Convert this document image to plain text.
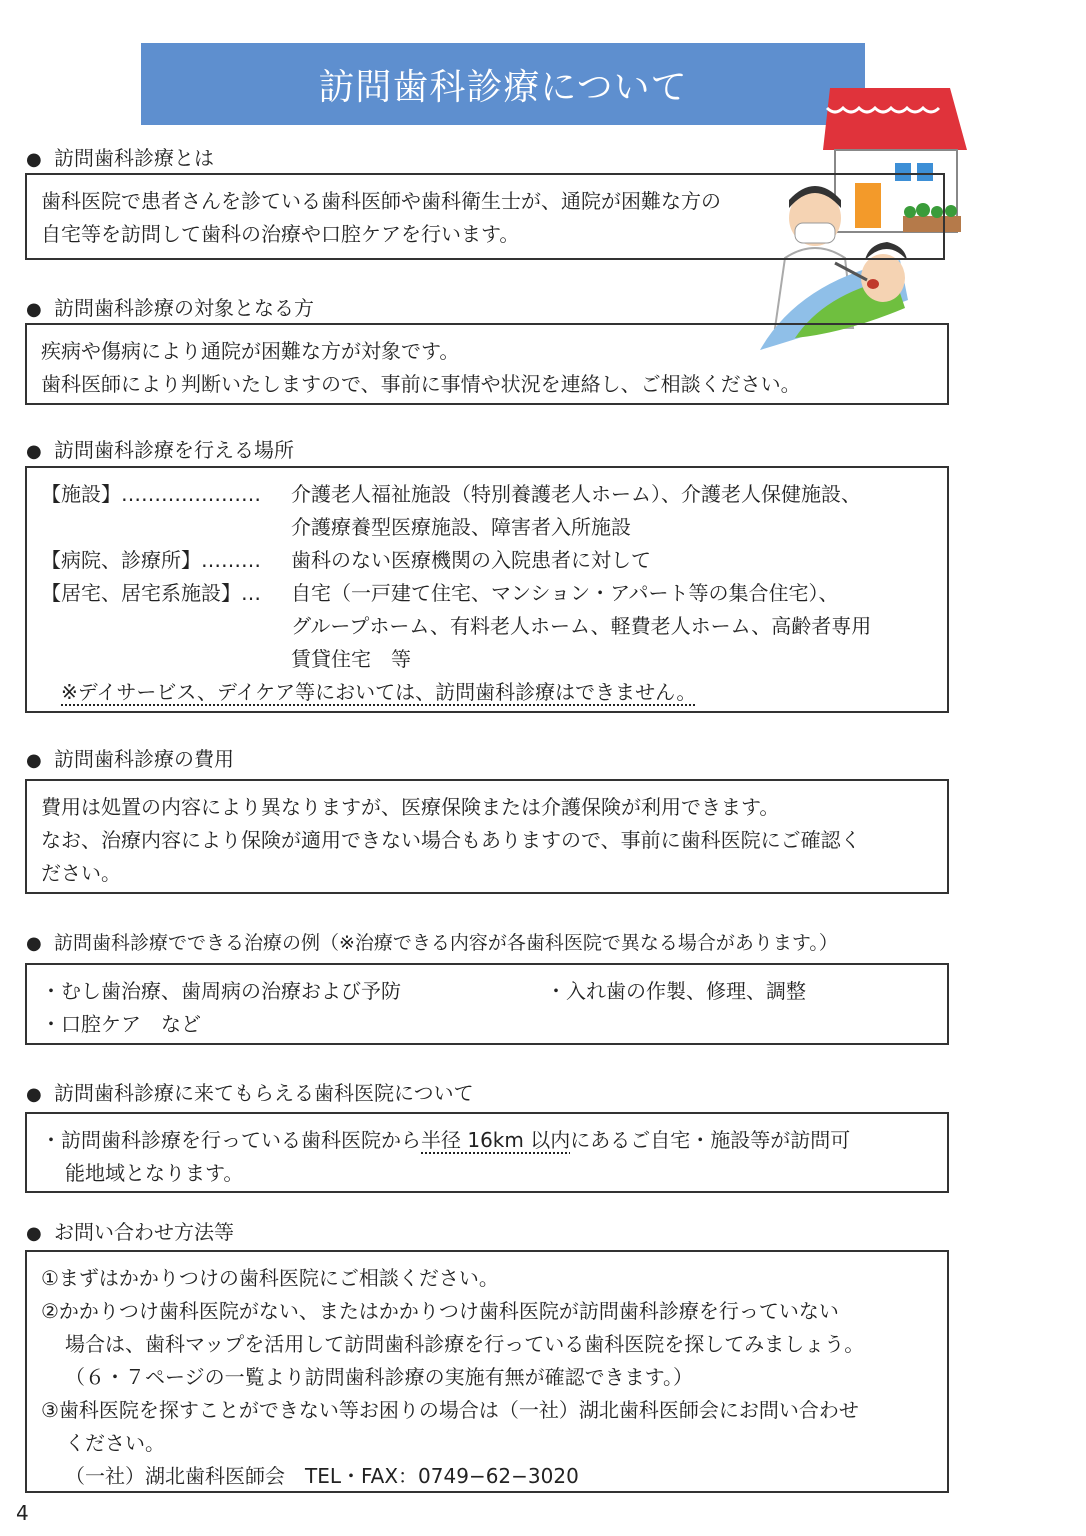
訪問歯科診療について
● 訪問歯科診療とは

歯科医院で患者さんを診ている歯科医師や歯科衛生士が、通院が困難な方の

自宅等を訪問して歯科の治療や口腔ケアを行います。

● 訪問歯科診療の対象となる方

疾病や傷病により通院が困難な方が対象です。

歯科医師により判断いたしますので、事前に事情や状況を連絡し、ご相談ください。

● 訪問歯科診療を行える場所
【施設】…………………	介護老人福祉施設（特別養護老人ホーム）、介護老人保健施設、
介護療養型医療施設、障害者入所施設
【病院、診療所】………	歯科のない医療機関の入院患者に対して
【居宅、居宅系施設】…	自宅（一戸建て住宅、マンション・アパート等の集合住宅）、
グループホーム、有料老人ホーム、軽費老人ホーム、高齢者専用
賃貸住宅　等
※デイサービス、デイケア等においては、訪問歯科診療はできません。
● 訪問歯科診療の費用

費用は処置の内容により異なりますが、医療保険または介護保険が利用できます。

なお、治療内容により保険が適用できない場合もありますので、事前に歯科医院にご確認く

ださい。

● 訪問歯科診療でできる治療の例（※治療できる内容が各歯科医院で異なる場合があります。）
・むし歯治療、歯周病の治療および予防	・入れ歯の作製、修理、調整

・口腔ケア　など

● 訪問歯科診療に来てもらえる歯科医院について

・訪問歯科診療を行っている歯科医院から半径 16km 以内にあるご自宅・施設等が訪問可

能地域となります。

● お問い合わせ方法等

①まずはかかりつけの歯科医院にご相談ください。

②かかりつけ歯科医院がない、またはかかりつけ歯科医院が訪問歯科診療を行っていない

場合は、歯科マップを活用して訪問歯科診療を行っている歯科医院を探してみましょう。

（６・７ページの一覧より訪問歯科診療の実施有無が確認できます。）

③歯科医院を探すことができない等お困りの場合は（一社）湖北歯科医師会にお問い合わせ

ください。

（一社）湖北歯科医師会　TEL・FAX：0749−62−3020

4
